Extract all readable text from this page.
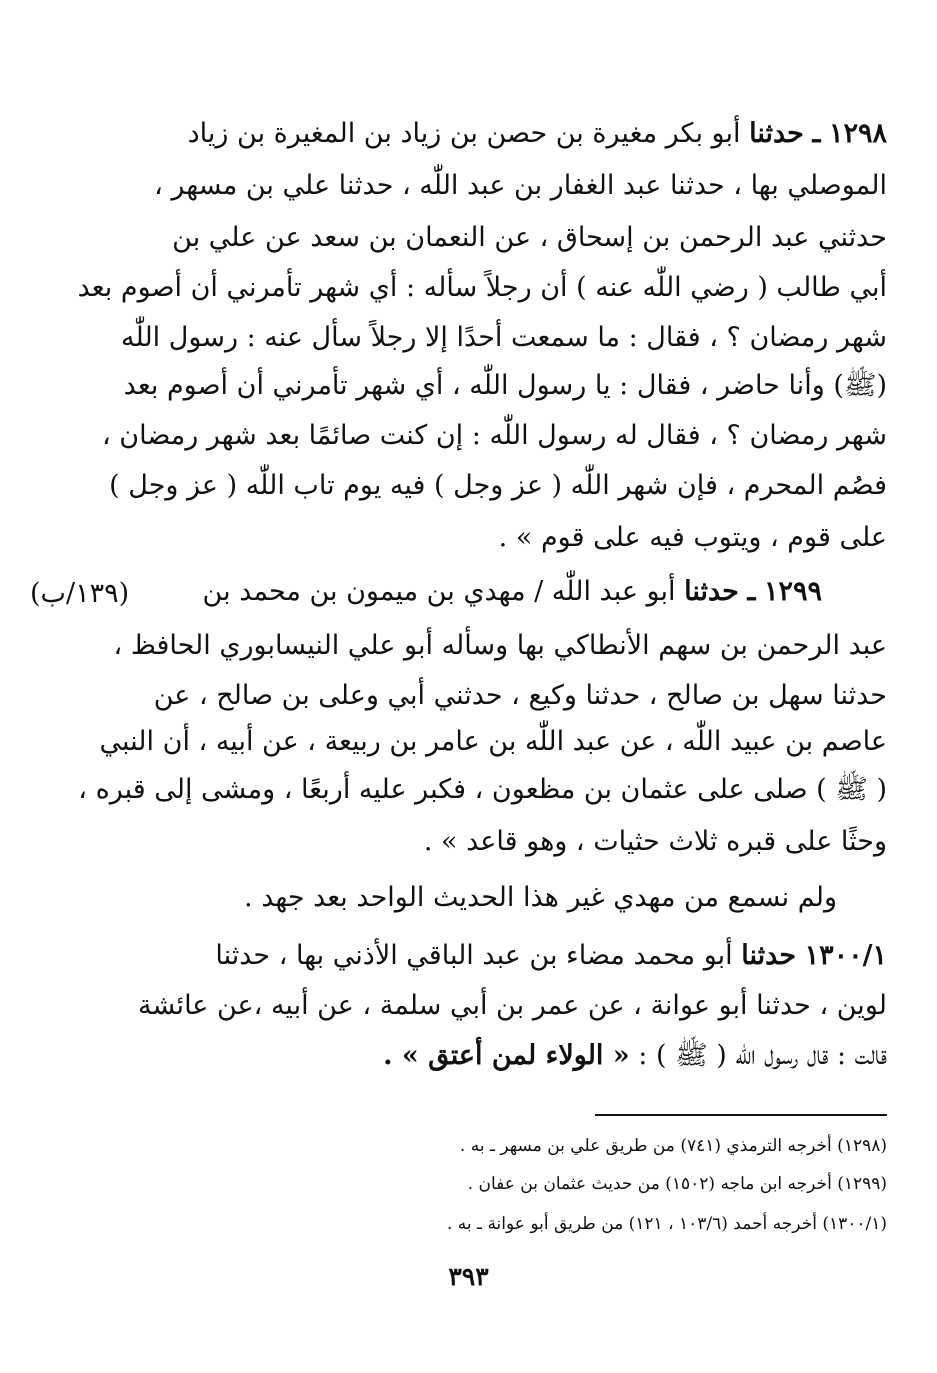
١٢٩٨ ـ حدثنا أبو بكر مغيرة بن حصن بن زياد بن المغيرة بن زياد
الموصلي بها ، حدثنا عبد الغفار بن عبد اللّٰه ، حدثنا علي بن مسهر ،
حدثني عبد الرحمن بن إسحاق ، عن النعمان بن سعد عن علي بن
أبي طالب ( رضي اللّٰه عنه ) أن رجلاً سأله : أي شهر تأمرني أن أصوم بعد
شهر رمضان ؟ ، فقال : ما سمعت أحدًا إلا رجلاً سأل عنه : رسول اللّٰه
(ﷺ) وأنا حاضر ، فقال : يا رسول اللّٰه ، أي شهر تأمرني أن أصوم بعد
شهر رمضان ؟ ، فقال له رسول اللّٰه : إن كنت صائمًا بعد شهر رمضان ،
فصُم المحرم ، فإن شهر اللّٰه ( عز وجل ) فيه يوم تاب اللّٰه ( عز وجل )
على قوم ، ويتوب فيه على قوم » .
١٢٩٩ ـ حدثنا أبو عبد اللّٰه / مهدي بن ميمون بن محمد بن
(١٣٩/ب)
عبد الرحمن بن سهم الأنطاكي بها وسأله أبو علي النيسابوري الحافظ ،
حدثنا سهل بن صالح ، حدثنا وكيع ، حدثني أبي وعلى بن صالح ، عن
عاصم بن عبيد اللّٰه ، عن عبد اللّٰه بن عامر بن ربيعة ، عن أبيه ، أن النبي
( ﷺ ) صلى على عثمان بن مظعون ، فكبر عليه أربعًا ، ومشى إلى قبره ،
وحثًا على قبره ثلاث حثيات ، وهو قاعد » .
ولم نسمع من مهدي غير هذا الحديث الواحد بعد جهد .
١٣٠٠/١ حدثنا أبو محمد مضاء بن عبد الباقي الأذني بها ، حدثنا
لوين ، حدثنا أبو عوانة ، عن عمر بن أبي سلمة ، عن أبيه ،عن عائشة
قالت : قال رسول اللّٰه ( ﷺ ) : « الولاء لمن أعتق » .
(١٢٩٨) أخرجه الترمذي (٧٤١) من طريق علي بن مسهر ـ به .
(١٢٩٩) أخرجه ابن ماجه (١٥٠٢) من حديث عثمان بن عفان .
(١٣٠٠/١) أخرجه أحمد (١٠٣/٦ ، ١٢١) من طريق أبو عوانة ـ به .
٣٩٣
